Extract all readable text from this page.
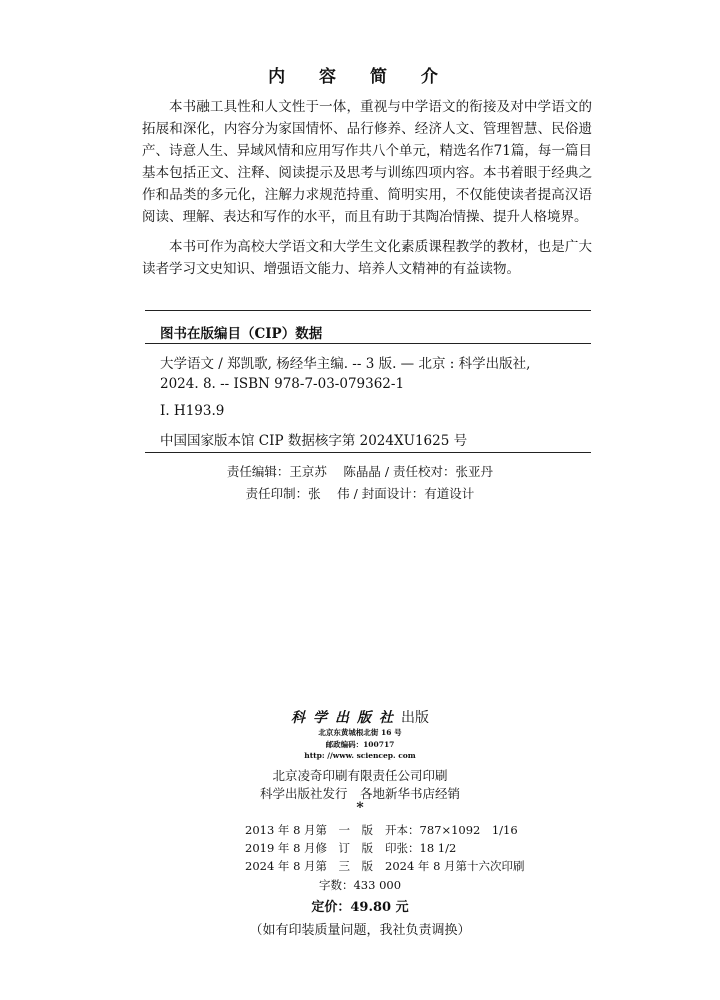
内 容 简 介

本书融工具性和人文性于一体，重视与中学语文的衔接及对中学语文的拓展和深化，内容分为家国情怀、品行修养、经济人文、管理智慧、民俗遗产、诗意人生、异域风情和应用写作共八个单元，精选名作71篇，每一篇目基本包括正文、注释、阅读提示及思考与训练四项内容。本书着眼于经典之作和品类的多元化，注解力求规范持重、简明实用，不仅能使读者提高汉语阅读、理解、表达和写作的水平，而且有助于其陶冶情操、提升人格境界。

本书可作为高校大学语文和大学生文化素质课程教学的教材，也是广大读者学习文史知识、增强语文能力、培养人文精神的有益读物。

图书在版编目（CIP）数据
大学语文 / 郑凯歌, 杨经华主编. -- 3 版. — 北京 : 科学出版社,
2024. 8. -- ISBN 978-7-03-079362-1
Ⅰ. H193.9
中国国家版本馆 CIP 数据核字第 2024XU1625 号
责任编辑：王京苏　 陈晶晶 / 责任校对：张亚丹
责任印制：张　 伟 / 封面设计：有道设计
科学出版社出版
北京东黄城根北街 16 号
邮政编码：100717
http: //www. sciencep. com
北京凌奇印刷有限责任公司印刷
科学出版社发行　各地新华书店经销
*
2013 年 8 月第　一　版 开本：787×1092　1/16
2019 年 8 月修　订　版 印张：18 1/2
2024 年 8 月第　三　版 2024 年 8 月第十六次印刷
字数：433 000
定价：49.80 元
（如有印装质量问题，我社负责调换）
